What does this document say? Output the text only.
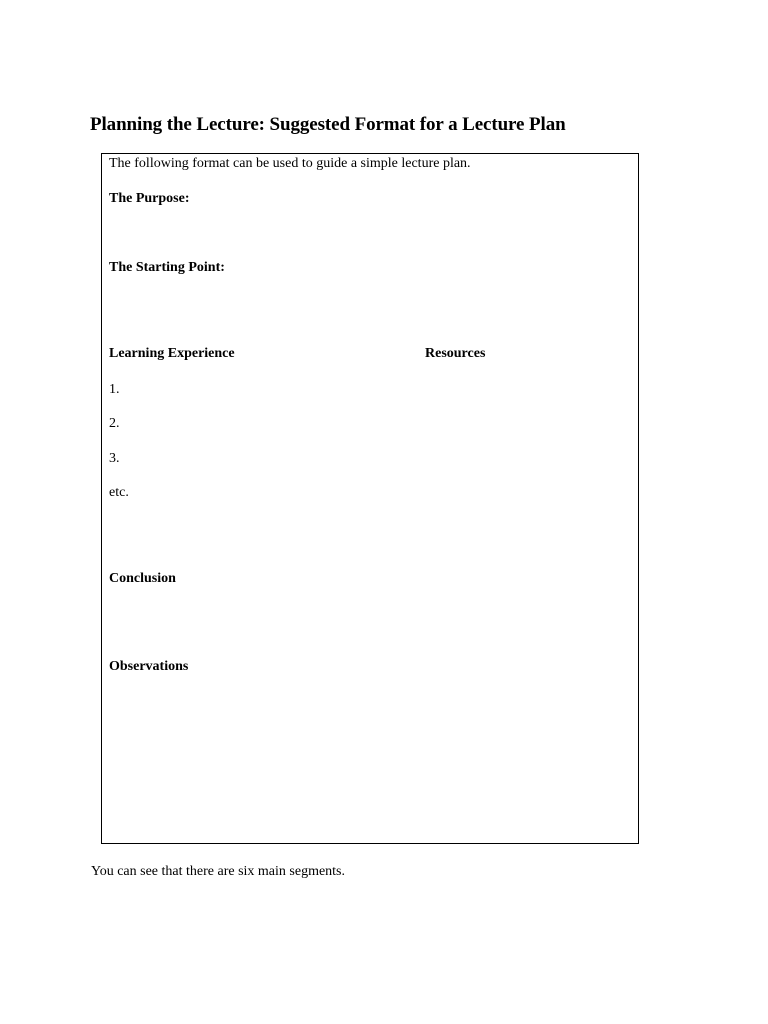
Planning the Lecture: Suggested Format for a Lecture Plan
The following format can be used to guide a simple lecture plan.
The Purpose:
The Starting Point:
Learning Experience	Resources
1.
2.
3.
etc.
Conclusion
Observations
You can see that there are six main segments.
